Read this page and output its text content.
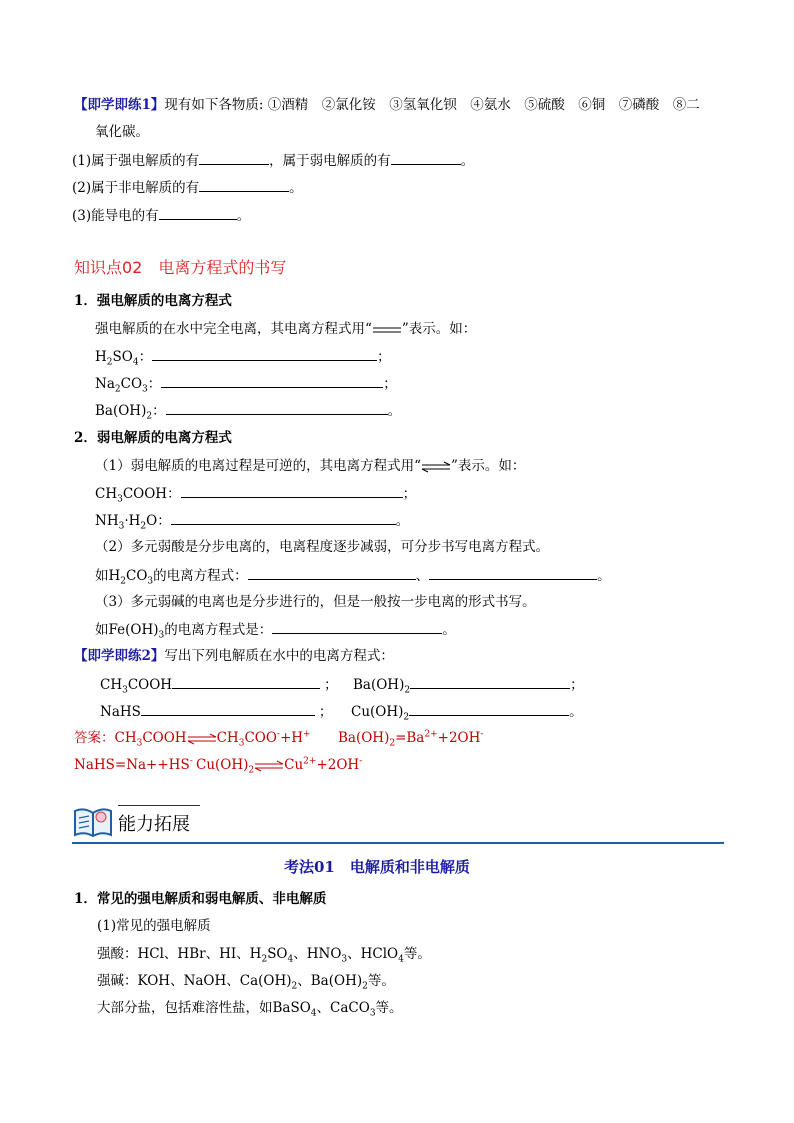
【即学即练1】现有如下各物质: ①酒精　②氯化铵　③氢氧化钡　④氨水　⑤硫酸　⑥铜　⑦磷酸　⑧二
氧化碳。
(1)属于强电解质的有	，属于弱电解质的有	。
(2)属于非电解质的有	。
(3)能导电的有	。
知识点02　电离方程式的书写
1．强电解质的电离方程式
强电解质的在水中完全电离，其电离方程式用“ ”表示。如：
$H_2SO_4$：	；
$Na_2CO_3$：	；
$Ba(OH)_2$：	。
2．弱电解质的电离方程式
（1）弱电解质的电离过程是可逆的，其电离方程式用“⇌”表示。如：
$CH_3COOH$：	；
$NH_3\cdot H_2O$：	。
（2）多元弱酸是分步电离的，电离程度逐步减弱，可分步书写电离方程式。
如$H_2CO_3$的电离方程式：	、	。
（3）多元弱碱的电离也是分步进行的，但是一般按一步电离的形式书写。
如$Fe(OH)_3$的电离方程式是：	。
【即学即练2】写出下列电解质在水中的电离方程式：
$CH_3COOH$	； $Ba(OH)_2$	；
NaHS	； $Cu(OH)_2$	。
答案：$CH_3COOH\rightleftharpoons CH_3COO^-+H^+$ $Ba(OH)_2=Ba^{2+}+2OH^-$
NaHS=Na++HS- $Cu(OH)_2\rightleftharpoons Cu^{2+}+2OH^-$
能力拓展
考法01　电解质和非电解质
1．常见的强电解质和弱电解质、非电解质
(1)常见的强电解质
强酸：HCl、HBr、HI、$H_2SO_4$、$HNO_3$、HClO$_4$等。
强碱：KOH、NaOH、$Ca(OH)_2$、$Ba(OH)_2$等。
大部分盐，包括难溶性盐，如BaSO$_4$、CaCO$_3$等。
